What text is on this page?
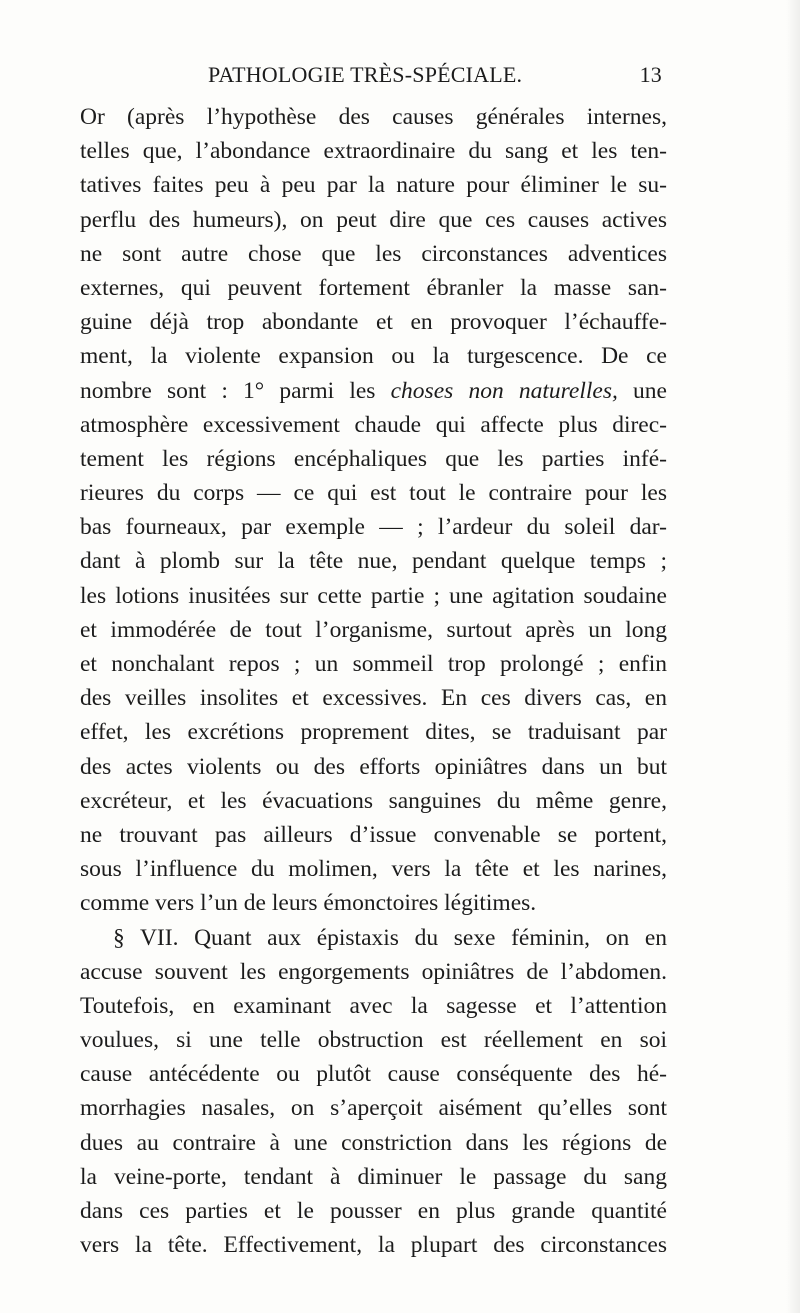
PATHOLOGIE TRÈS-SPÉCIALE.	13
Or (après l’hypothèse des causes générales internes,
telles que, l’abondance extraordinaire du sang et les ten-
tatives faites peu à peu par la nature pour éliminer le su-
perflu des humeurs), on peut dire que ces causes actives
ne sont autre chose que les circonstances adventices
externes, qui peuvent fortement ébranler la masse san-
guine déjà trop abondante et en provoquer l’échauffe-
ment, la violente expansion ou la turgescence. De ce
nombre sont : 1° parmi les choses non naturelles, une
atmosphère excessivement chaude qui affecte plus direc-
tement les régions encéphaliques que les parties infé-
rieures du corps — ce qui est tout le contraire pour les
bas fourneaux, par exemple — ; l’ardeur du soleil dar-
dant à plomb sur la tête nue, pendant quelque temps ;
les lotions inusitées sur cette partie ; une agitation soudaine
et immodérée de tout l’organisme, surtout après un long
et nonchalant repos ; un sommeil trop prolongé ; enfin
des veilles insolites et excessives. En ces divers cas, en
effet, les excrétions proprement dites, se traduisant par
des actes violents ou des efforts opiniâtres dans un but
excréteur, et les évacuations sanguines du même genre,
ne trouvant pas ailleurs d’issue convenable se portent,
sous l’influence du molimen, vers la tête et les narines,
comme vers l’un de leurs émonctoires légitimes.
§ VII. Quant aux épistaxis du sexe féminin, on en
accuse souvent les engorgements opiniâtres de l’abdomen.
Toutefois, en examinant avec la sagesse et l’attention
voulues, si une telle obstruction est réellement en soi
cause antécédente ou plutôt cause conséquente des hé-
morrhagies nasales, on s’aperçoit aisément qu’elles sont
dues au contraire à une constriction dans les régions de
la veine-porte, tendant à diminuer le passage du sang
dans ces parties et le pousser en plus grande quantité
vers la tête. Effectivement, la plupart des circonstances
